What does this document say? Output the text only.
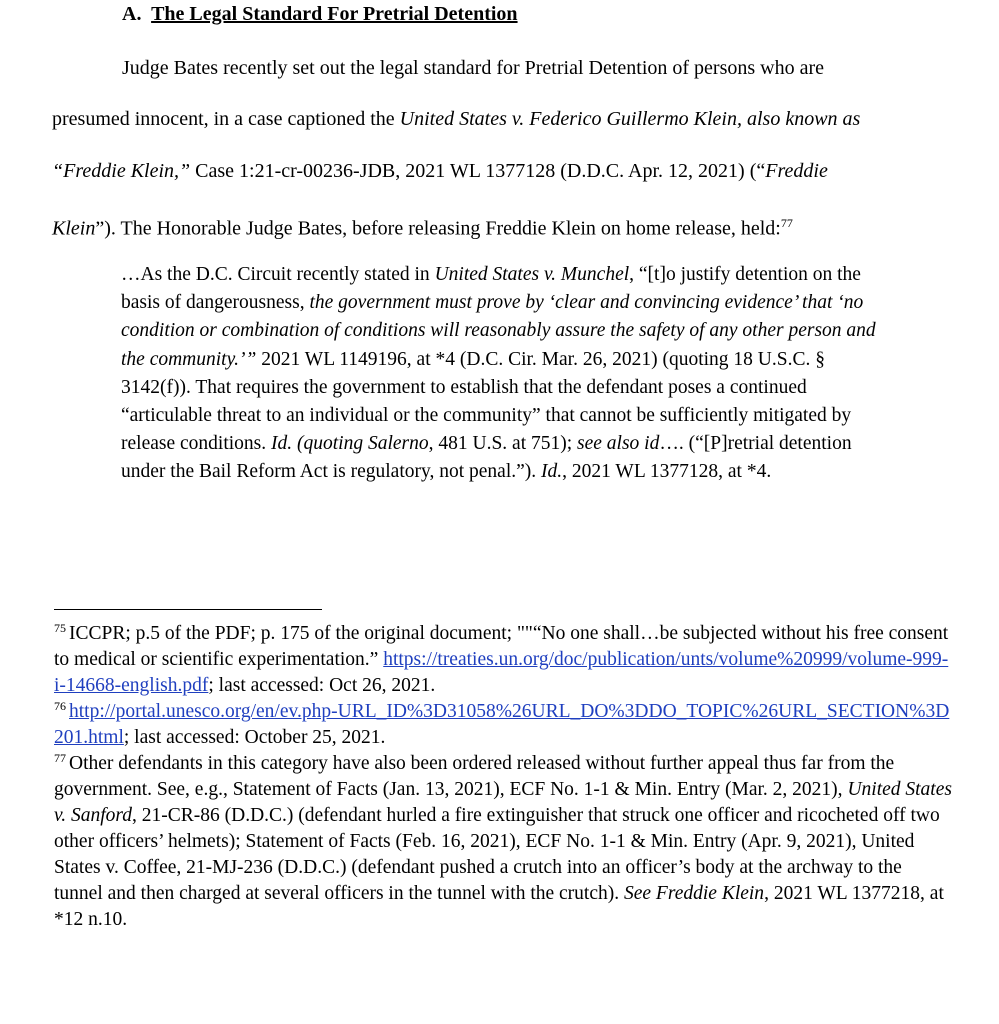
A. The Legal Standard For Pretrial Detention
Judge Bates recently set out the legal standard for Pretrial Detention of persons who are
presumed innocent, in a case captioned the United States v. Federico Guillermo Klein, also known as
“Freddie Klein,” Case 1:21-cr-00236-JDB, 2021 WL 1377128 (D.D.C. Apr. 12, 2021) (“Freddie
Klein”). The Honorable Judge Bates, before releasing Freddie Klein on home release, held:$^{77}$

…As the D.C. Circuit recently stated in United States v. Munchel, “[t]o justify detention on the basis of dangerousness, the government must prove by ‘clear and convincing evidence’ that ‘no condition or combination of conditions will reasonably assure the safety of any other person and the community.’” 2021 WL 1149196, at *4 (D.C. Cir. Mar. 26, 2021) (quoting 18 U.S.C. § 3142(f)). That requires the government to establish that the defendant poses a continued “articulable threat to an individual or the community” that cannot be sufficiently mitigated by release conditions. Id. (quoting Salerno, 481 U.S. at 751); see also id…. (“[P]retrial detention under the Bail Reform Act is regulatory, not penal.”). Id., 2021 WL 1377128, at *4.

$^{75}$ ICCPR; p.5 of the PDF; p. 175 of the original document; ""“No one shall…be subjected without his free consent to medical or scientific experimentation.” https://treaties.un.org/doc/publication/unts/volume%20999/volume-999-i-14668-english.pdf; last accessed: Oct 26, 2021.

$^{76}$ http://portal.unesco.org/en/ev.php-URL_ID%3D31058%26URL_DO%3DDO_TOPIC%26URL_SECTION%3D201.html; last accessed: October 25, 2021.

$^{77}$ Other defendants in this category have also been ordered released without further appeal thus far from the government. See, e.g., Statement of Facts (Jan. 13, 2021), ECF No. 1-1 & Min. Entry (Mar. 2, 2021), United States v. Sanford, 21-CR-86 (D.D.C.) (defendant hurled a fire extinguisher that struck one officer and ricocheted off two other officers’ helmets); Statement of Facts (Feb. 16, 2021), ECF No. 1-1 & Min. Entry (Apr. 9, 2021), United States v. Coffee, 21-MJ-236 (D.D.C.) (defendant pushed a crutch into an officer’s body at the archway to the tunnel and then charged at several officers in the tunnel with the crutch). See Freddie Klein, 2021 WL 1377218, at *12 n.10.
